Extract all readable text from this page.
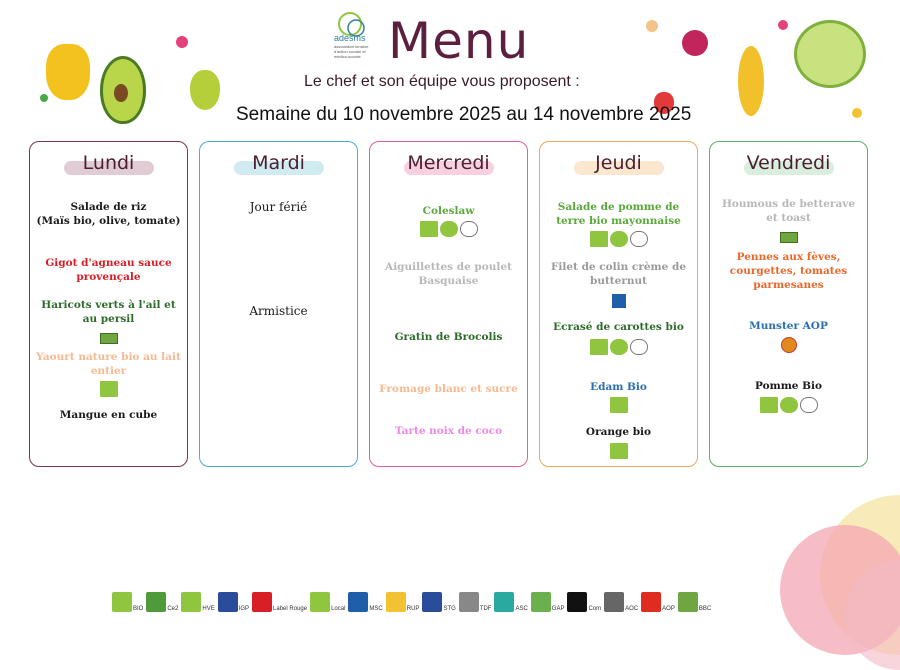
adesms
association lorraine d'action sociale et médico-sociale Menu
Le chef et son équipe vous proposent :
Semaine du 10 novembre 2025 au 14 novembre 2025
Lundi
Salade de riz
(Maïs bio, olive, tomate)
Gigot d'agneau sauce provençale
Haricots verts à l'ail et au persil
Yaourt nature bio au lait entier
Mangue en cube
Mardi
Jour férié
Armistice
Mercredi
Coleslaw
Aiguillettes de poulet Basquaise
Gratin de Brocolis
Fromage blanc et sucre
Tarte noix de coco
Jeudi
Salade de pomme de terre bio mayonnaise
Filet de colin crème de butternut
Ecrasé de carottes bio
Edam Bio
Orange bio
Vendredi
Houmous de betterave et toast
Pennes aux fèves, courgettes, tomates parmesanes
Munster AOP
Pomme Bio
BIO	Ce2	HVE	IGP	Label Rouge	Local	MSC	RUP	STG	TDF	ASC	GAP	Com	AOC	AOP	BBC
